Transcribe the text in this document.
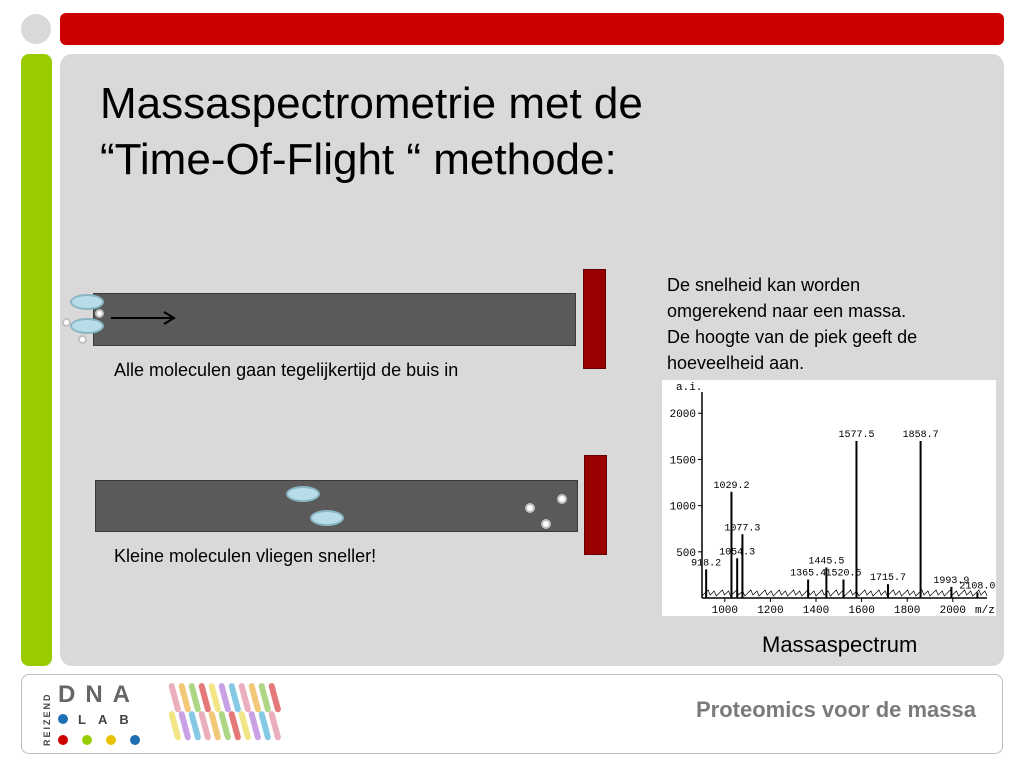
Massaspectrometrie met de
“Time-Of-Flight “ methode:
Alle moleculen gaan tegelijkertijd de buis in
Kleine moleculen vliegen sneller!
De snelheid kan worden
omgerekend naar een massa.
De hoogte van de piek geeft de
hoeveelheid aan.
a.i.
m/z
500
1000
1500
2000
1000 1200 1400 1600 1800 2000
918.2
1029.2
1054.3
1077.3
1365.4
1445.5
1520.5
1577.5
1715.7
1858.7
1993.9
2108.0
Massaspectrum
REIZEND DNA
LAB	Proteomics voor de massa
